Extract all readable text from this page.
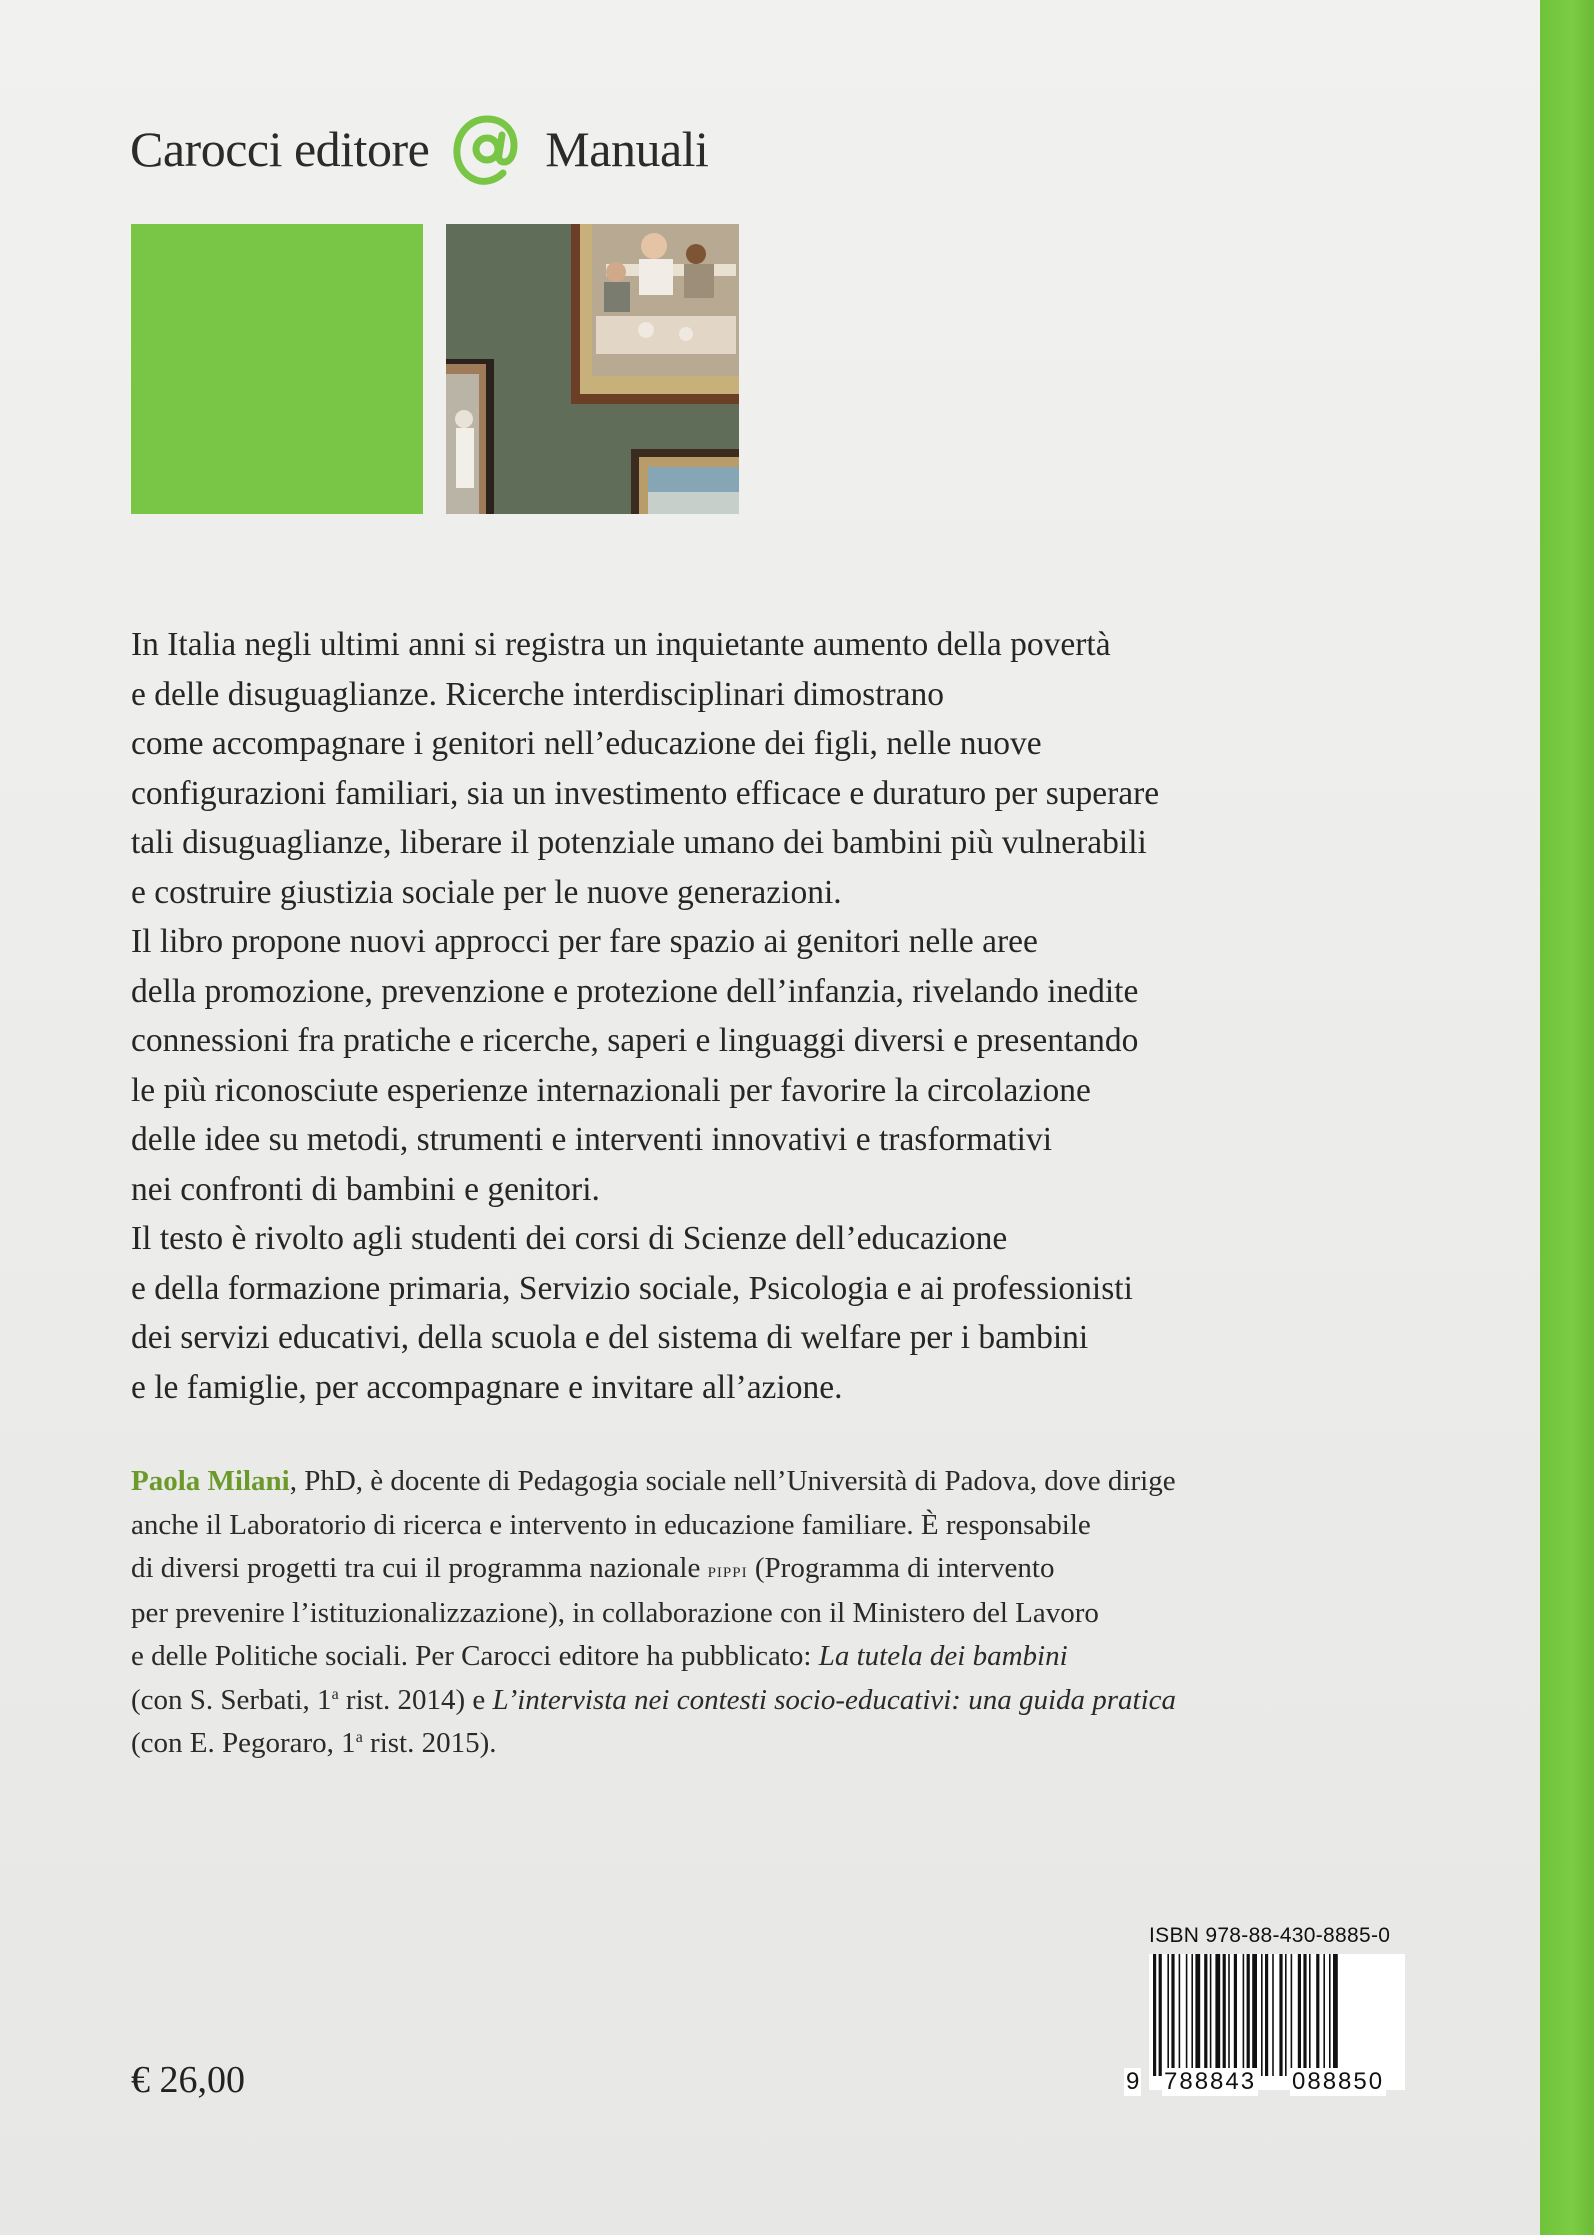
Carocci editore Manuali

In Italia negli ultimi anni si registra un inquietante aumento della povertà
e delle disuguaglianze. Ricerche interdisciplinari dimostrano
come accompagnare i genitori nell’educazione dei figli, nelle nuove
configurazioni familiari, sia un investimento efficace e duraturo per superare
tali disuguaglianze, liberare il potenziale umano dei bambini più vulnerabili
e costruire giustizia sociale per le nuove generazioni.
Il libro propone nuovi approcci per fare spazio ai genitori nelle aree
della promozione, prevenzione e protezione dell’infanzia, rivelando inedite
connessioni fra pratiche e ricerche, saperi e linguaggi diversi e presentando
le più riconosciute esperienze internazionali per favorire la circolazione
delle idee su metodi, strumenti e interventi innovativi e trasformativi
nei confronti di bambini e genitori.
Il testo è rivolto agli studenti dei corsi di Scienze dell’educazione
e della formazione primaria, Servizio sociale, Psicologia e ai professionisti
dei servizi educativi, della scuola e del sistema di welfare per i bambini
e le famiglie, per accompagnare e invitare all’azione.

Paola Milani, PhD, è docente di Pedagogia sociale nell’Università di Padova, dove dirige
anche il Laboratorio di ricerca e intervento in educazione familiare. È responsabile
di diversi progetti tra cui il programma nazionale pippi (Programma di intervento
per prevenire l’istituzionalizzazione), in collaborazione con il Ministero del Lavoro
e delle Politiche sociali. Per Carocci editore ha pubblicato: La tutela dei bambini
(con S. Serbati, 1$^a$ rist. 2014) e L’intervista nei contesti socio-educativi: una guida pratica
(con E. Pegoraro, 1$^a$ rist. 2015).

€ 26,00
ISBN 978-88-430-8885-0
9 788843 088850
